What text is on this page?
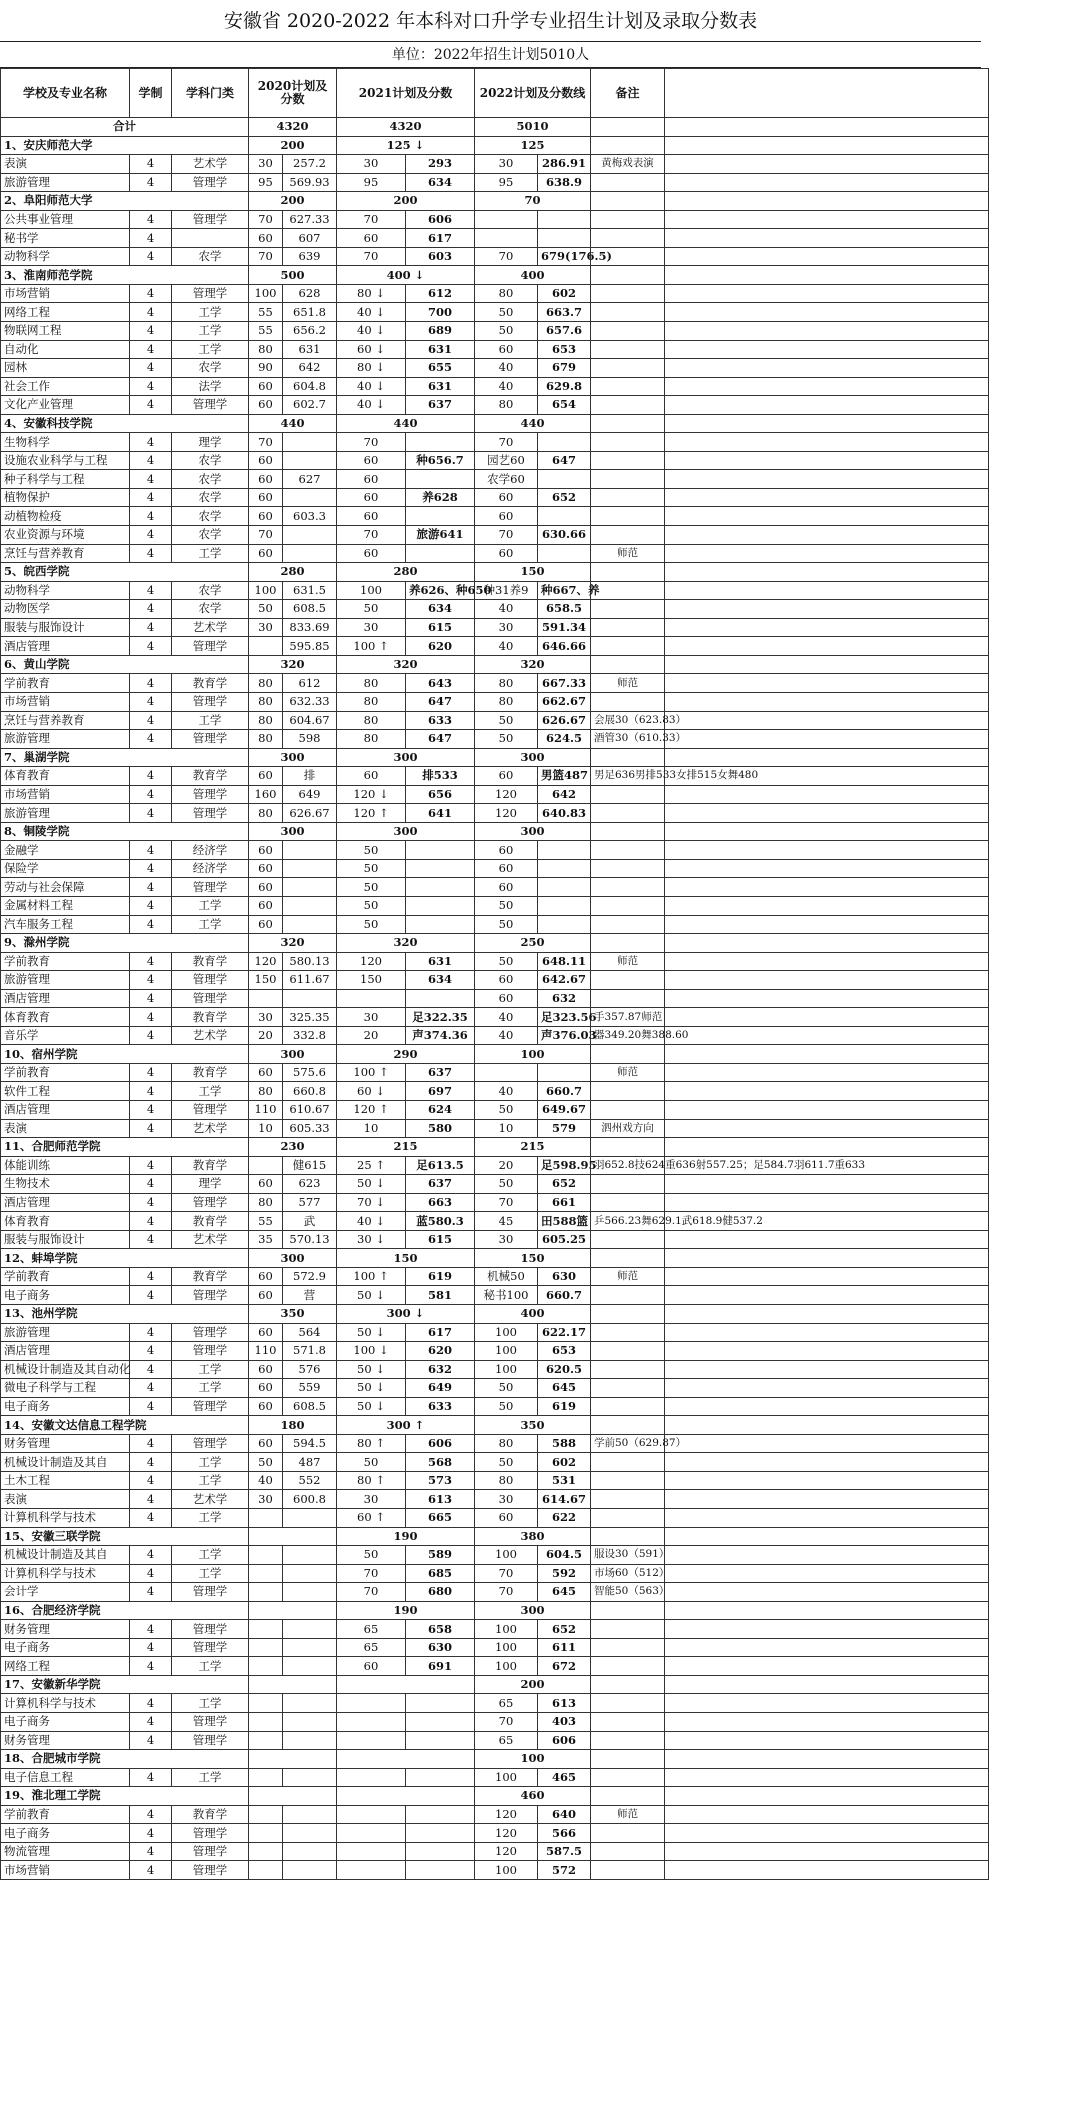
安徽省 2020-2022 年本科对口升学专业招生计划及录取分数表
单位：2022年招生计划5010人
学校及专业名称	学制	学科门类	2020计划及分数		2021计划及分数		2022计划及分数线		备注	
合计			4320		4320		5010			
1、安庆师范大学			200		125 ↓		125			
表演	4	艺术学	30	257.2	30	293	30	286.91	黄梅戏表演	
旅游管理	4	管理学	95	569.93	95	634	95	638.9		
2、阜阳师范大学			200		200		70			
公共事业管理	4	管理学	70	627.33	70	606				
秘书学	4		60	607	60	617				
动物科学	4	农学	70	639	70	603	70	679(176.5)		
3、淮南师范学院			500		400 ↓		400			
市场营销	4	管理学	100	628	80 ↓	612	80	602		
网络工程	4	工学	55	651.8	40 ↓	700	50	663.7		
物联网工程	4	工学	55	656.2	40 ↓	689	50	657.6		
自动化	4	工学	80	631	60 ↓	631	60	653		
园林	4	农学	90	642	80 ↓	655	40	679		
社会工作	4	法学	60	604.8	40 ↓	631	40	629.8		
文化产业管理	4	管理学	60	602.7	40 ↓	637	80	654		
4、安徽科技学院			440		440		440			
生物科学	4	理学	70		70		70			
设施农业科学与工程	4	农学	60		60	种656.7	园艺60	647		
种子科学与工程	4	农学	60	627	60		农学60			
植物保护	4	农学	60		60	养628	60	652		
动植物检疫	4	农学	60	603.3	60		60			
农业资源与环境	4	农学	70		70	旅游641	70	630.66		
烹饪与营养教育	4	工学	60		60		60		师范	
5、皖西学院			280		280		150			
动物科学	4	农学	100	631.5	100	养626、种650	种31养9	种667、养		
动物医学	4	农学	50	608.5	50	634	40	658.5		
服装与服饰设计	4	艺术学	30	833.69	30	615	30	591.34		
酒店管理	4	管理学		595.85	100 ↑	620	40	646.66		
6、黄山学院			320		320		320			
学前教育	4	教育学	80	612	80	643	80	667.33	师范	
市场营销	4	管理学	80	632.33	80	647	80	662.67		
烹饪与营养教育	4	工学	80	604.67	80	633	50	626.67	会展30（623.83）	
旅游管理	4	管理学	80	598	80	647	50	624.5	酒管30（610.33）	
7、巢湖学院			300		300		300			
体育教育	4	教育学	60	排	60	排533	60	男篮487	男足636男排533女排515女舞480	
市场营销	4	管理学	160	649	120 ↓	656	120	642		
旅游管理	4	管理学	80	626.67	120 ↑	641	120	640.83		
8、铜陵学院			300		300		300			
金融学	4	经济学	60		50		60			
保险学	4	经济学	60		50		60			
劳动与社会保障	4	管理学	60		50		60			
金属材料工程	4	工学	60		50		50			
汽车服务工程	4	工学	60		50		50			
9、滁州学院			320		320		250			
学前教育	4	教育学	120	580.13	120	631	50	648.11	师范	
旅游管理	4	管理学	150	611.67	150	634	60	642.67		
酒店管理	4	管理学					60	632		
体育教育	4	教育学	30	325.35	30	足322.35	40	足323.56	手357.87师范	
音乐学	4	艺术学	20	332.8	20	声374.36	40	声376.03	器349.20舞388.60	
10、宿州学院			300		290		100			
学前教育	4	教育学	60	575.6	100 ↑	637			师范	
软件工程	4	工学	80	660.8	60 ↓	697	40	660.7		
酒店管理	4	管理学	110	610.67	120 ↑	624	50	649.67		
表演	4	艺术学	10	605.33	10	580	10	579	泗州戏方向	
11、合肥师范学院			230		215		215			
体能训练	4	教育学		健615	25 ↑	足613.5	20	足598.95	羽652.8技624重636射557.25；足584.7羽611.7重633	
生物技术	4	理学	60	623	50 ↓	637	50	652		
酒店管理	4	管理学	80	577	70 ↓	663	70	661		
体育教育	4	教育学	55	武	40 ↓	蓝580.3	45	田588篮	乒566.23舞629.1武618.9健537.2	
服装与服饰设计	4	艺术学	35	570.13	30 ↓	615	30	605.25		
12、蚌埠学院			300		150		150			
学前教育	4	教育学	60	572.9	100 ↑	619	机械50	630	师范	
电子商务	4	管理学	60	营	50 ↓	581	秘书100	660.7		
13、池州学院			350		300 ↓		400			
旅游管理	4	管理学	60	564	50 ↓	617	100	622.17		
酒店管理	4	管理学	110	571.8	100 ↓	620	100	653		
机械设计制造及其自动化	4	工学	60	576	50 ↓	632	100	620.5		
微电子科学与工程	4	工学	60	559	50 ↓	649	50	645		
电子商务	4	管理学	60	608.5	50 ↓	633	50	619		
14、安徽文达信息工程学院			180		300 ↑		350			
财务管理	4	管理学	60	594.5	80 ↑	606	80	588	学前50（629.87）	
机械设计制造及其自	4	工学	50	487	50	568	50	602		
土木工程	4	工学	40	552	80 ↑	573	80	531		
表演	4	艺术学	30	600.8	30	613	30	614.67		
计算机科学与技术	4	工学			60 ↑	665	60	622		
15、安徽三联学院					190		380			
机械设计制造及其自	4	工学			50	589	100	604.5	服设30（591）	
计算机科学与技术	4	工学			70	685	70	592	市场60（512）	
会计学	4	管理学			70	680	70	645	智能50（563）	
16、合肥经济学院					190		300			
财务管理	4	管理学			65	658	100	652		
电子商务	4	管理学			65	630	100	611		
网络工程	4	工学			60	691	100	672		
17、安徽新华学院							200			
计算机科学与技术	4	工学					65	613		
电子商务	4	管理学					70	403		
财务管理	4	管理学					65	606		
18、合肥城市学院							100			
电子信息工程	4	工学					100	465		
19、淮北理工学院							460			
学前教育	4	教育学					120	640	师范	
电子商务	4	管理学					120	566		
物流管理	4	管理学					120	587.5		
市场营销	4	管理学					100	572		
